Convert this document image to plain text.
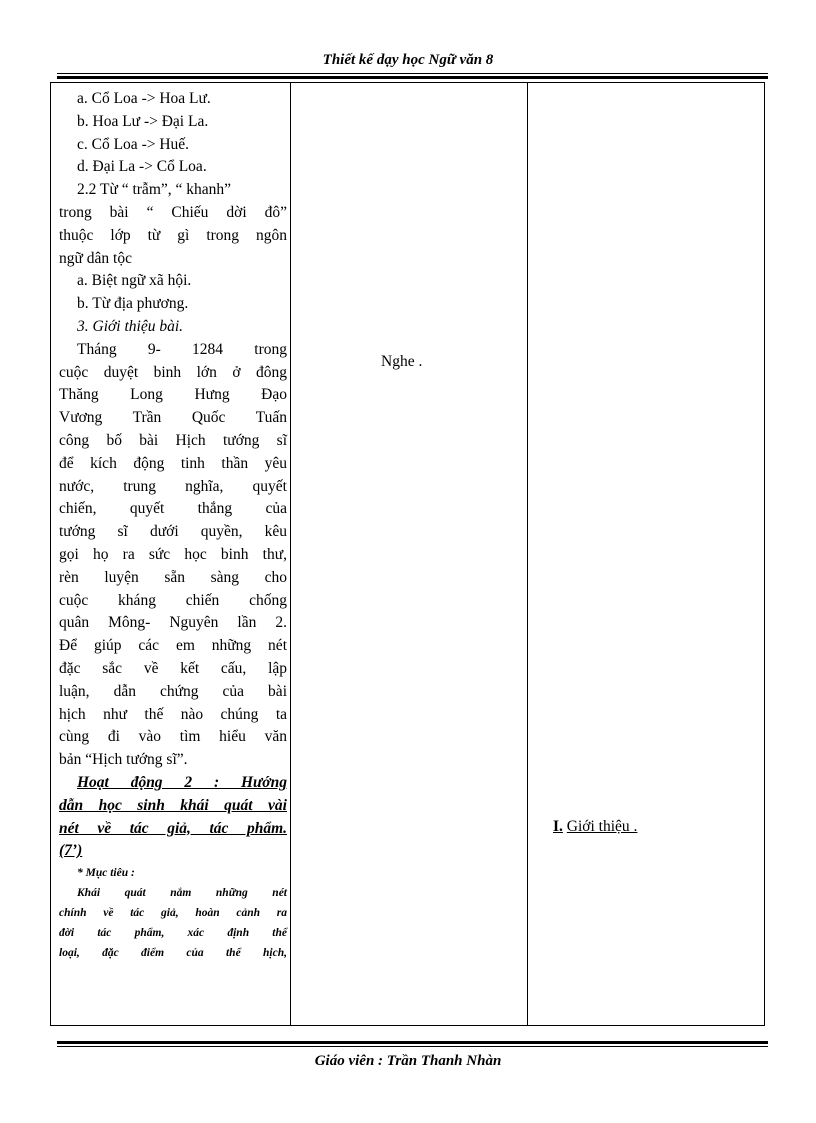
Thiết kế dạy học Ngữ văn 8
a. Cổ Loa -> Hoa Lư.
b. Hoa Lư -> Đại La.
c. Cổ Loa -> Huế.
d. Đại La -> Cổ Loa.
2.2 Từ “ trẫm”, “ khanh”
trong bài “ Chiếu dời đô”
thuộc lớp từ gì trong ngôn
ngữ dân tộc
a. Biệt ngữ xã hội.
b. Từ địa phương.
3. Giới thiệu bài.
Tháng 9- 1284 trong
cuộc duyệt binh lớn ở đông
Thăng Long Hưng Đạo
Vương Trần Quốc Tuấn
công bố bài Hịch tướng sĩ
để kích động tinh thần yêu
nước, trung nghĩa, quyết
chiến, quyết thắng của
tướng sĩ dưới quyền, kêu
gọi họ ra sức học binh thư,
rèn luyện sẵn sàng cho
cuộc kháng chiến chống
quân Mông- Nguyên lần 2.
Để giúp các em những nét
đặc sắc về kết cấu, lập
luận, dẫn chứng của bài
hịch như thế nào chúng ta
cùng đi vào tìm hiểu văn
bản “Hịch tướng sĩ”.
Hoạt động 2 : Hướng
dẫn học sinh khái quát vài
nét về tác giả, tác phẩm.
(7’)
* Mục tiêu :
Khái quát nắm những nét
chính về tác giả, hoàn cảnh ra
đời tác phẩm, xác định thể
loại, đặc điểm của thể hịch,
Nghe .
I. Giới thiệu .
Giáo viên : Trần Thanh Nhàn
